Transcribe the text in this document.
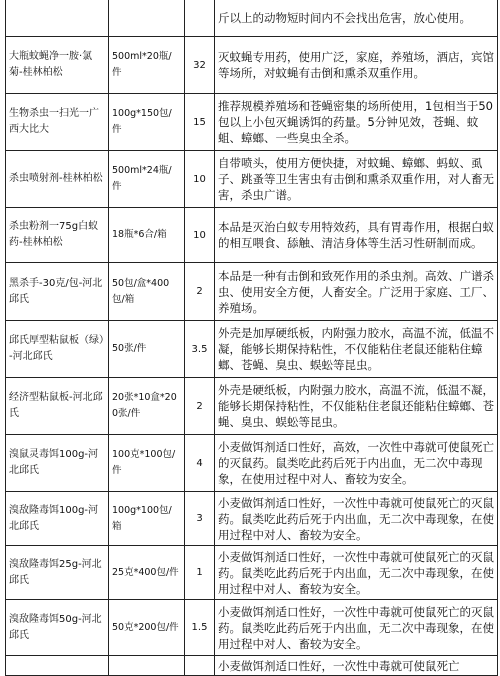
			斤以上的动物短时间内不会找出危害，放心使用。
大瓶蚊蝇净一胺·氯菊-桂林柏松	500ml*20瓶/件	32	灭蚊蝇专用药，使用广泛，家庭，养殖场，酒店，宾馆等场所，对蚊蝇有击倒和熏杀双重作用。
生物杀虫一扫光一广西大比大	100g*150包/件	15	推荐规模养殖场和苍蝇密集的场所使用，1包相当于50包以上小包灭蝇诱饵的药量。5分钟见效，苍蝇、蚊蛆、蟑螂、一些臭虫全杀。
杀虫喷射剂-桂林柏松	500ml*24瓶/件	10	自带喷头，使用方便快捷，对蚊蝇、蟑螂、蚂蚁、虱子、跳蚤等卫生害虫有击倒和熏杀双重作用，对人畜无害，杀虫广谱。
杀虫粉剂一75g白蚁药-桂林柏松	18瓶*6合/箱	10	本品是灭治白蚁专用特效药，具有胃毒作用，根据白蚁的相互喂食、舔触、清洁身体等生活习性研制而成。
黑杀手-30克/包-河北邱氏	50包/盒*400包/箱	2	本品是一种有击倒和致死作用的杀虫剂。高效、广谱杀虫、使用安全方便，人畜安全。广泛用于家庭、工厂、养殖场。
邱氏厚型粘鼠板（绿）-河北邱氏	50张/件	3.5	外壳是加厚硬纸板，内附强力胶水，高温不流，低温不凝，能够长期保持粘性，不仅能粘住老鼠还能粘住蟑螂、苍蝇、臭虫、蜈蚣等昆虫。
经济型粘鼠板-河北邱氏	20张*10盒*200张/件	2	外壳是硬纸板，内附强力胶水，高温不流，低温不凝，能够长期保持粘性，不仅能粘住老鼠还能粘住蟑螂、苍蝇、臭虫、蜈蚣等昆虫。
溴鼠灵毒饵100g-河北邱氏	100克*100包/件	4	小麦做饵剂适口性好，高效，一次性中毒就可使鼠死亡的灭鼠药。鼠类吃此药后死于内出血，无二次中毒现象，在使用过程中对人、畜较为安全。
溴敌隆毒饵100g-河北邱氏	100g*100包/箱	3	小麦做饵剂适口性好，一次性中毒就可使鼠死亡的灭鼠药。鼠类吃此药后死于内出血，无二次中毒现象，在使用过程中对人、畜较为安全。
溴敌隆毒饵25g-河北邱氏	25克*400包/件	1	小麦做饵剂适口性好，一次性中毒就可使鼠死亡的灭鼠药。鼠类吃此药后死于内出血，无二次中毒现象，在使用过程中对人、畜较为安全。
溴敌隆毒饵50g-河北邱氏	50克*200包/件	1.5	小麦做饵剂适口性好，一次性中毒就可使鼠死亡的灭鼠药。鼠类吃此药后死于内出血，无二次中毒现象，在使用过程中对人、畜较为安全。
			小麦做饵剂适口性好，一次性中毒就可使鼠死亡
